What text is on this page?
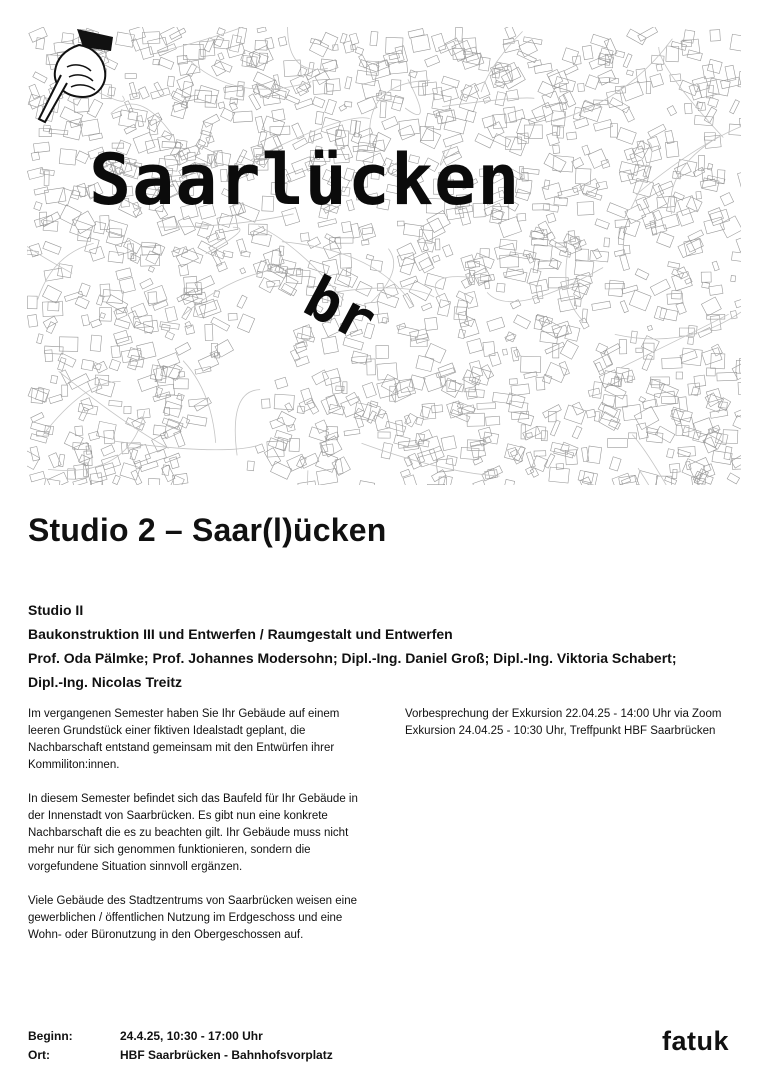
Saarlücken
br
Studio 2 – Saar(l)ücken
Studio II
Baukonstruktion III und Entwerfen / Raumgestalt und Entwerfen
Prof. Oda Pälmke; Prof. Johannes Modersohn; Dipl.-Ing. Daniel Groß; Dipl.-Ing. Viktoria Schabert;
Dipl.-Ing. Nicolas Treitz

Im vergangenen Semester haben Sie Ihr Gebäude auf einem leeren Grundstück einer fiktiven Idealstadt geplant, die Nachbarschaft entstand gemeinsam mit den Entwürfen ihrer Kommiliton:innen.

In diesem Semester befindet sich das Baufeld für Ihr Gebäude in der Innenstadt von Saarbrücken. Es gibt nun eine konkrete Nachbarschaft die es zu beachten gilt. Ihr Gebäude muss nicht mehr nur für sich genommen funktionieren, sondern die vorgefundene Situation sinnvoll ergänzen.

Viele Gebäude des Stadtzentrums von Saarbrücken weisen eine gewerblichen / öffentlichen Nutzung im Erdgeschoss und eine Wohn- oder Büronutzung in den Obergeschossen auf.

Vorbesprechung der Exkursion 22.04.25 - 14:00 Uhr via Zoom
Exkursion 24.04.25 - 10:30 Uhr, Treffpunkt HBF Saarbrücken
Beginn:	24.4.25, 10:30 - 17:00 Uhr
Ort:	HBF Saarbrücken - Bahnhofsvorplatz	fatuk
